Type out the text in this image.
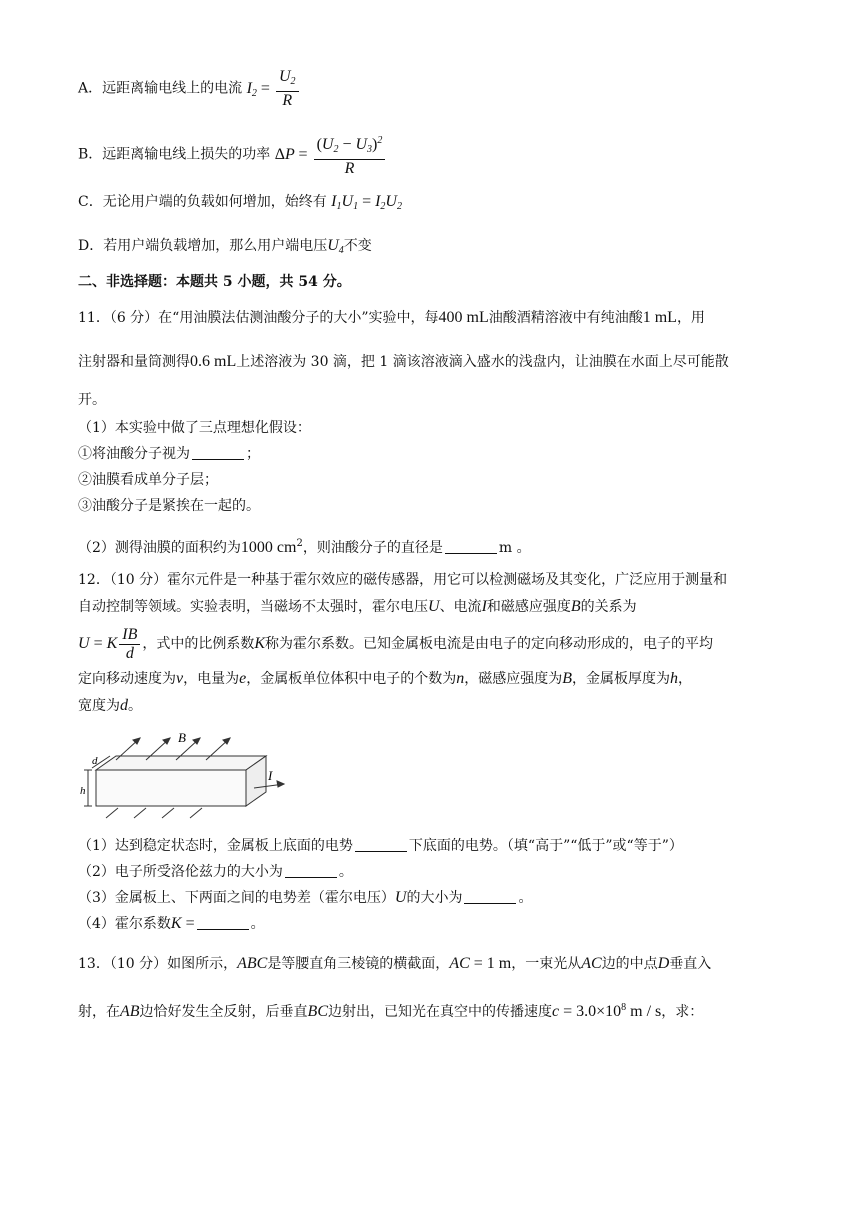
A．远距离输电线上的电流 $I_2 = \frac{U_2}{R}$
B．远距离输电线上损失的功率 $\Delta P = \frac{(U_2 - U_3)^2}{R}$
C．无论用户端的负载如何增加，始终有 $I_1U_1 = I_2U_2$
D．若用户端负载增加，那么用户端电压$U_4$不变
二、非选择题：本题共 5 小题，共 54 分。
11．（6 分）在“用油膜法估测油酸分子的大小”实验中，每400 mL油酸酒精溶液中有纯油酸1 mL，用
注射器和量筒测得0.6 mL上述溶液为 30 滴，把 1 滴该溶液滴入盛水的浅盘内，让油膜在水面上尽可能散
开。
（1）本实验中做了三点理想化假设：
①将油酸分子视为	；
②油膜看成单分子层；
③油酸分子是紧挨在一起的。
（2）测得油膜的面积约为1000 $cm^2$，则油酸分子的直径是	m 。
12．（10 分）霍尔元件是一种基于霍尔效应的磁传感器，用它可以检测磁场及其变化，广泛应用于测量和
自动控制等领域。实验表明，当磁场不太强时，霍尔电压U、电流I和磁感应强度B的关系为
U = K $\frac{IB}{d}$ ，式中的比例系数K称为霍尔系数。已知金属板电流是由电子的定向移动形成的，电子的平均
定向移动速度为v，电量为e，金属板单位体积中电子的个数为n，磁感应强度为B，金属板厚度为h，
宽度为d。
B
I
d
h
（1）达到稳定状态时，金属板上底面的电势	下底面的电势。（填“高于”“低于”或“等于”）
（2）电子所受洛伦兹力的大小为	。
（3）金属板上、下两面之间的电势差（霍尔电压）U的大小为	。
（4）霍尔系数K =	。
13．（10 分）如图所示，ABC是等腰直角三棱镜的横截面，AC = 1 m，一束光从AC边的中点D垂直入
射，在AB边恰好发生全反射，后垂直BC边射出，已知光在真空中的传播速度$c = 3.0\times 10^8$ m / s，求：
